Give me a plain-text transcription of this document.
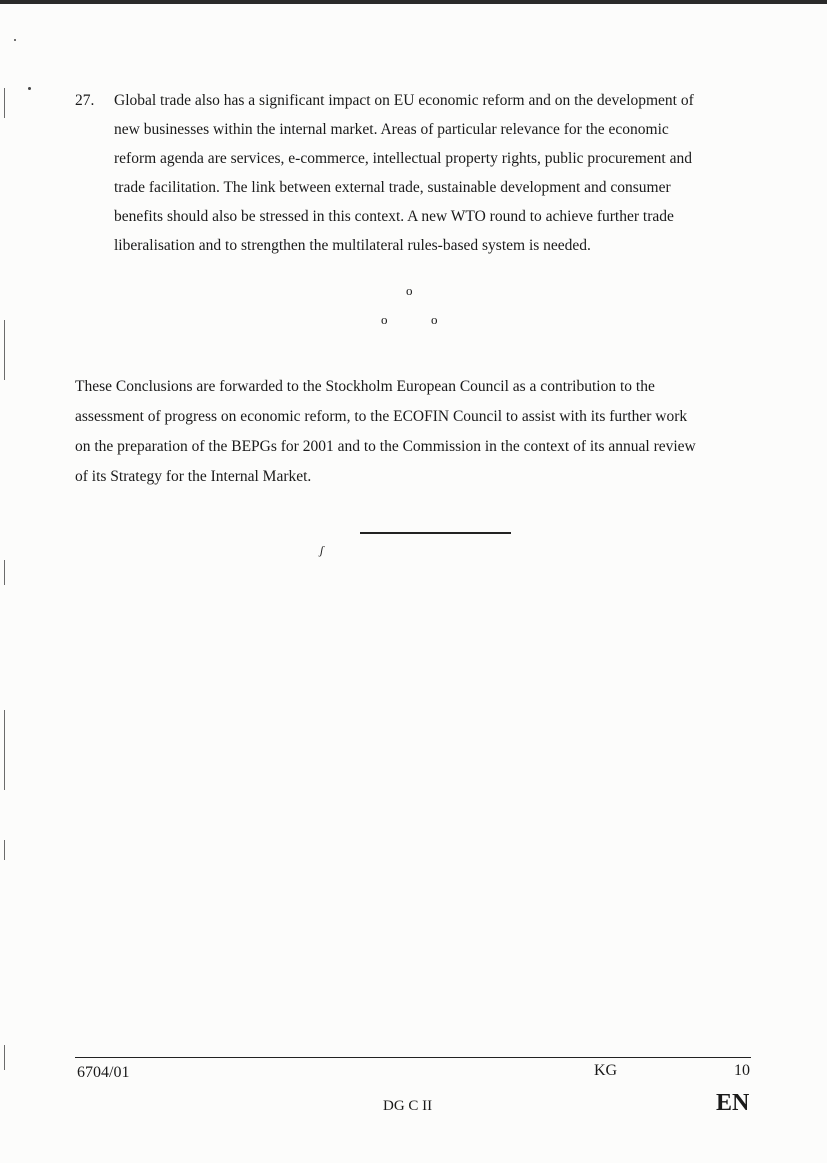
27. Global trade also has a significant impact on EU economic reform and on the development of
new businesses within the internal market. Areas of particular relevance for the economic
reform agenda are services, e-commerce, intellectual property rights, public procurement and
trade facilitation. The link between external trade, sustainable development and consumer
benefits should also be stressed in this context. A new WTO round to achieve further trade
liberalisation and to strengthen the multilateral rules-based system is needed.
o
o	o
These Conclusions are forwarded to the Stockholm European Council as a contribution to the
assessment of progress on economic reform, to the ECOFIN Council to assist with its further work
on the preparation of the BEPGs for 2001 and to the Commission in the context of its annual review
of its Strategy for the Internal Market.
ʃ
6704/01	KG	10
DG C II	EN
